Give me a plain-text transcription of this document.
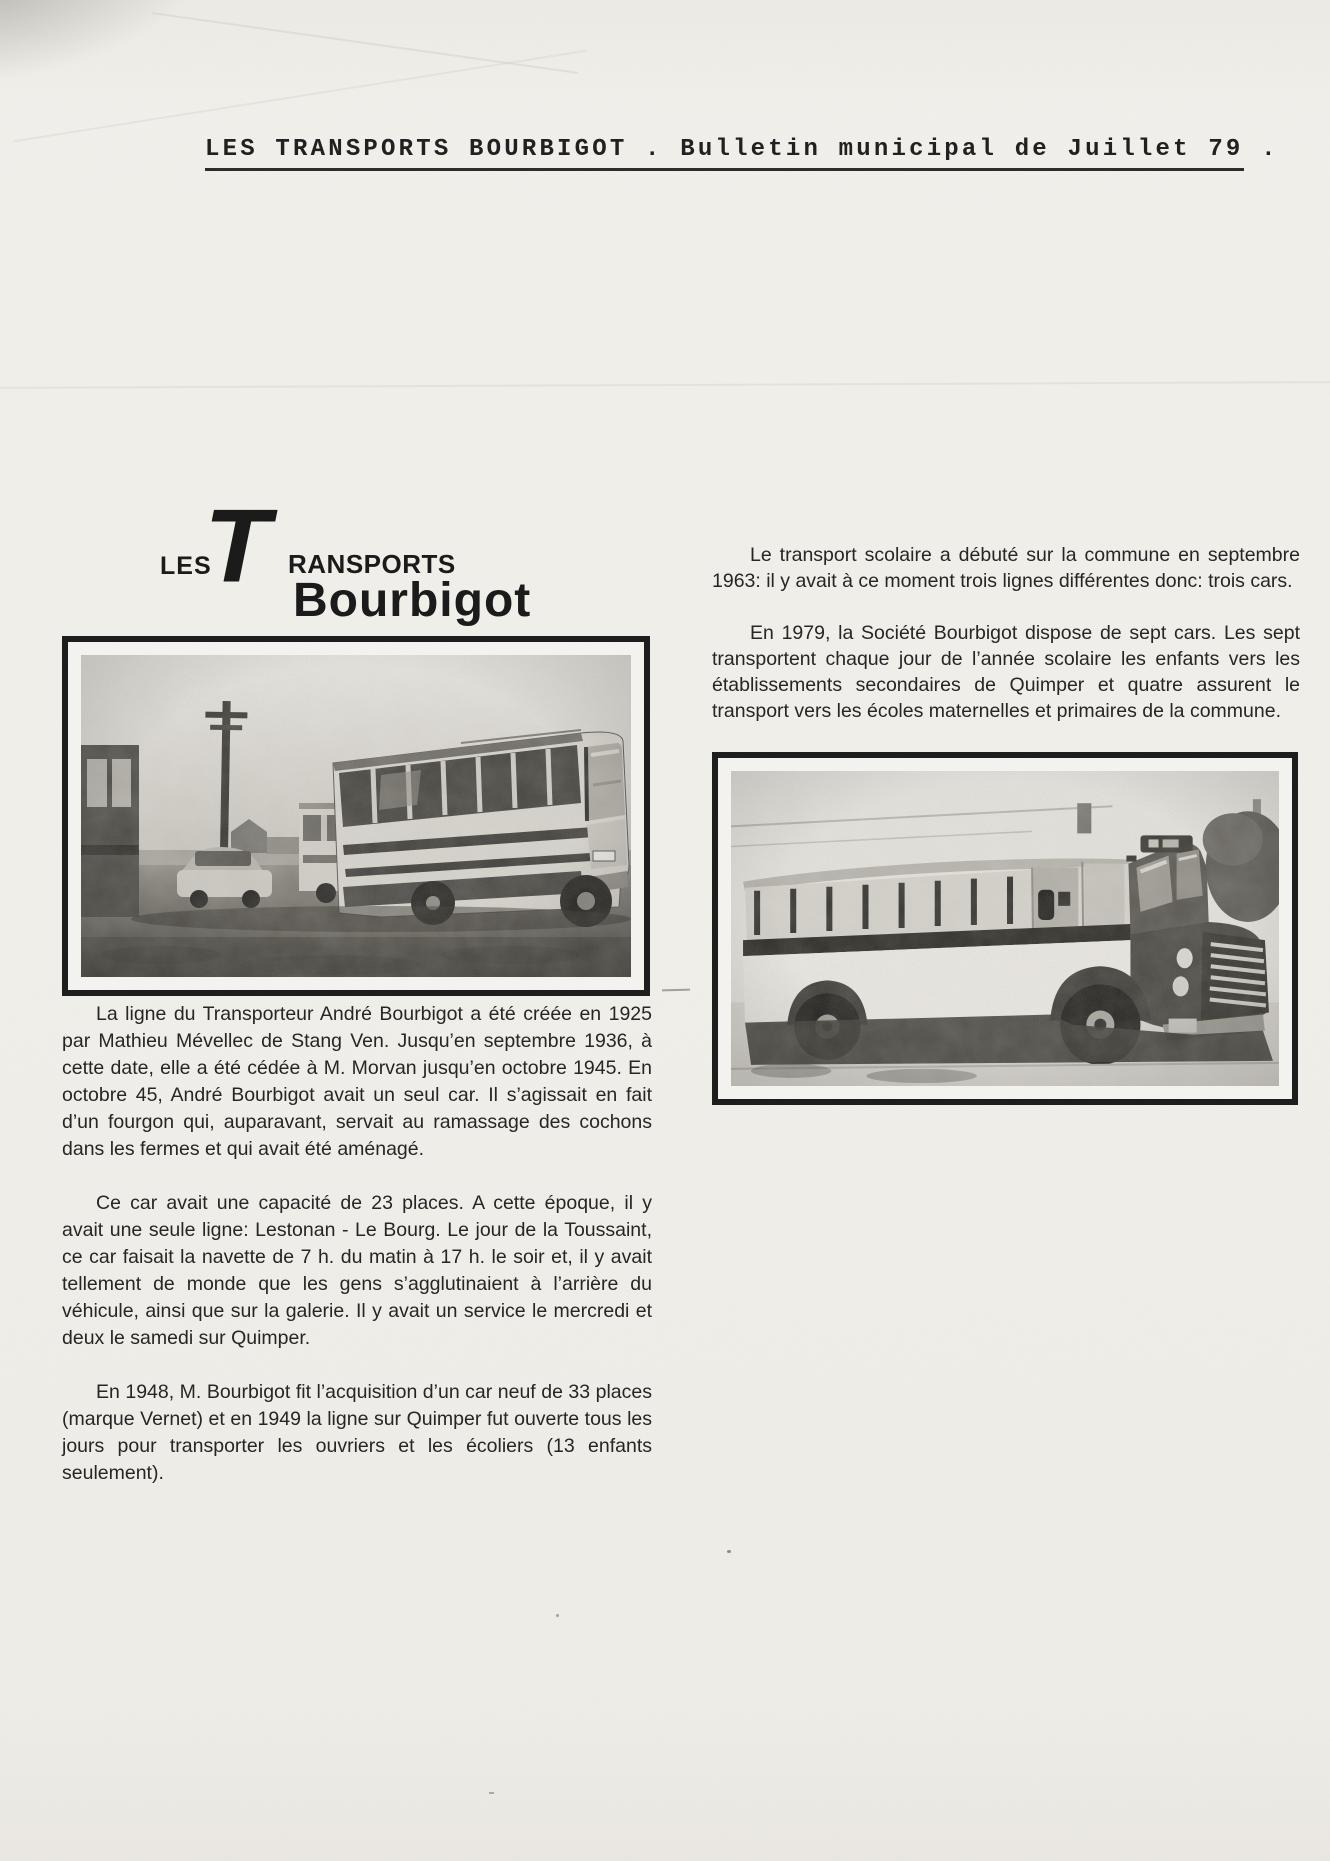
LES TRANSPORTS BOURBIGOT . Bulletin municipal de Juillet 79 .
LES
T RANSPORTS
Bourbigot

Le transport scolaire a débuté sur la commune en septembre 1963: il y avait à ce moment trois lignes différentes donc: trois cars.

En 1979, la Société Bourbigot dispose de sept cars. Les sept transportent chaque jour de l’année scolaire les enfants vers les établissements secondaires de Quimper et quatre assurent le transport vers les écoles maternelles et primaires de la commune.

La ligne du Transporteur André Bourbigot a été créée en 1925 par Mathieu Mévellec de Stang Ven. Jusqu’en septembre 1936, à cette date, elle a été cédée à M. Morvan jusqu’en octobre 1945. En octobre 45, André Bourbigot avait un seul car. Il s’agissait en fait d’un fourgon qui, auparavant, servait au ramassage des cochons dans les fermes et qui avait été aménagé.

Ce car avait une capacité de 23 places. A cette époque, il y avait une seule ligne: Lestonan - Le Bourg. Le jour de la Toussaint, ce car faisait la navette de 7 h. du matin à 17 h. le soir et, il y avait tellement de monde que les gens s’agglutinaient à l’arrière du véhicule, ainsi que sur la galerie. Il y avait un service le mercredi et deux le samedi sur Quimper.

En 1948, M. Bourbigot fit l’acquisition d’un car neuf de 33 places (marque Vernet) et en 1949 la ligne sur Quimper fut ouverte tous les jours pour transporter les ouvriers et les écoliers (13 enfants seulement).
